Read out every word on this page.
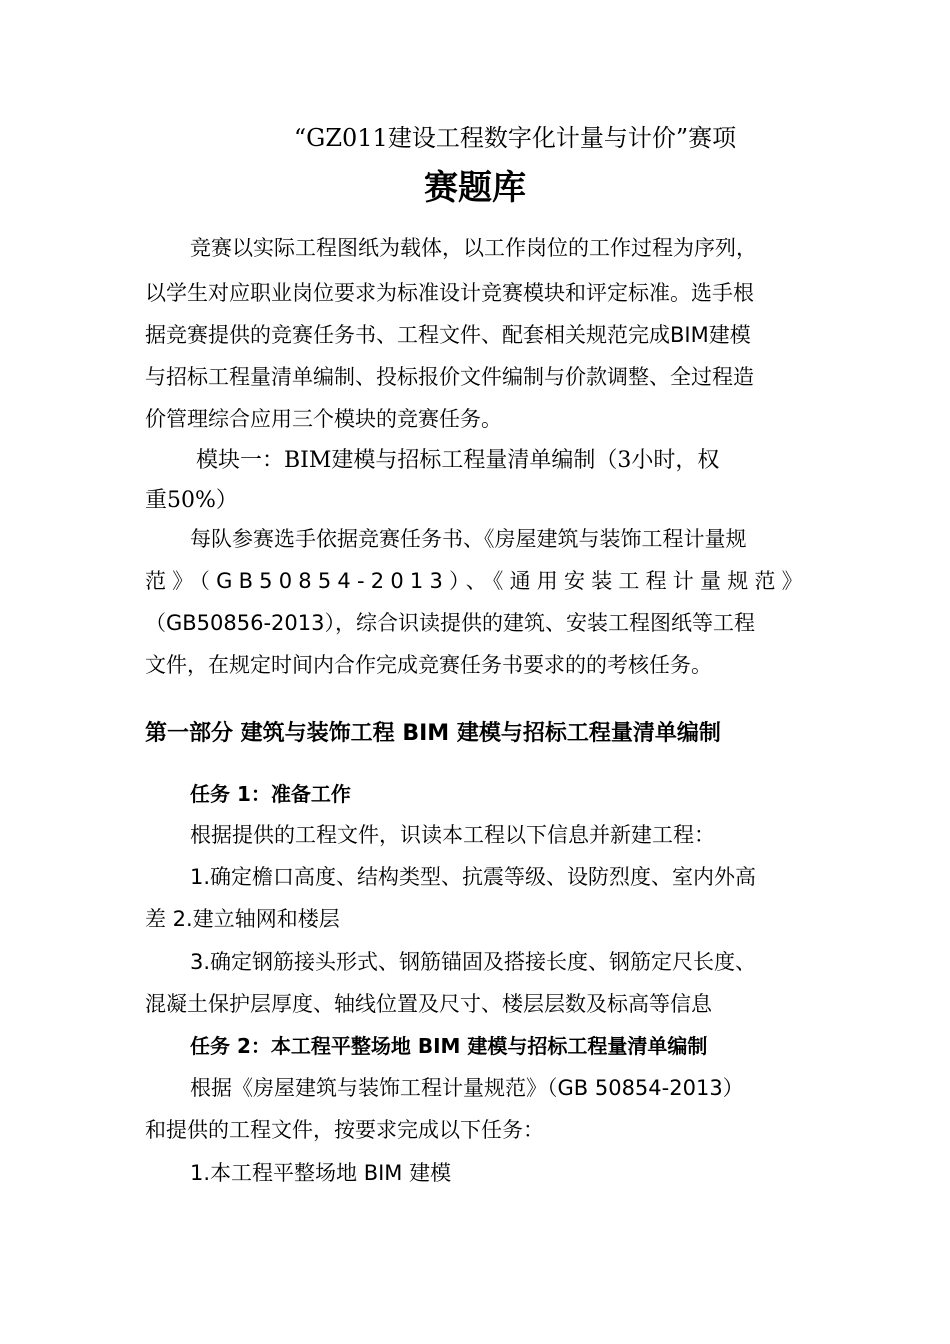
“GZ011建设工程数字化计量与计价”赛项
赛题库
竞赛以实际工程图纸为载体，以工作岗位的工作过程为序列，
以学生对应职业岗位要求为标准设计竞赛模块和评定标准。选手根
据竞赛提供的竞赛任务书、工程文件、配套相关规范完成BIM建模
与招标工程量清单编制、投标报价文件编制与价款调整、全过程造
价管理综合应用三个模块的竞赛任务。
模块一：BIM建模与招标工程量清单编制（3小时，权
重50%）
每队参赛选手依据竞赛任务书、《房屋建筑与装饰工程计量规
范》（GB50854-2013）、《通用安装工程计量规范》
（GB50856-2013），综合识读提供的建筑、安装工程图纸等工程
文件，在规定时间内合作完成竞赛任务书要求的的考核任务。
第一部分 建筑与装饰工程 BIM 建模与招标工程量清单编制
任务 1：准备工作
根据提供的工程文件，识读本工程以下信息并新建工程：
1.确定檐口高度、结构类型、抗震等级、设防烈度、室内外高
差 2.建立轴网和楼层
3.确定钢筋接头形式、钢筋锚固及搭接长度、钢筋定尺长度、
混凝土保护层厚度、轴线位置及尺寸、楼层层数及标高等信息
任务 2：本工程平整场地 BIM 建模与招标工程量清单编制
根据《房屋建筑与装饰工程计量规范》（GB 50854-2013）
和提供的工程文件，按要求完成以下任务：
1.本工程平整场地 BIM 建模
